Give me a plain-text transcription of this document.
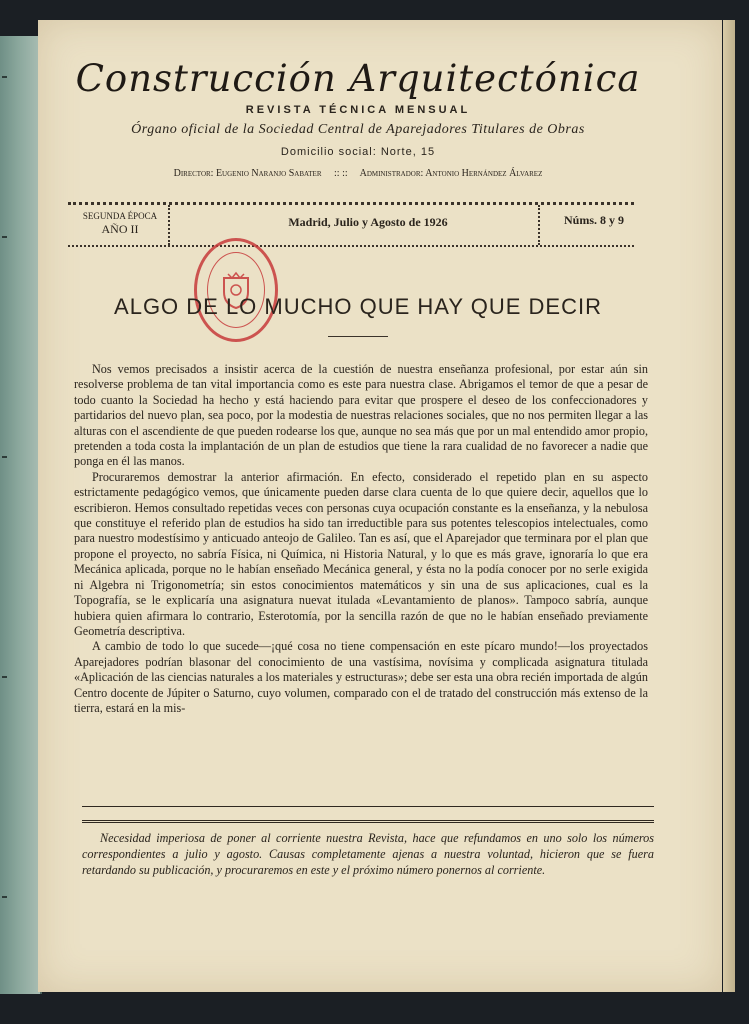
Construcción Arquitectónica
REVISTA TÉCNICA MENSUAL
Órgano oficial de la Sociedad Central de Aparejadores Titulares de Obras
Domicilio social: Norte, 15
Director: Eugenio Naranjo Sabater :: :: Administrador: Antonio Hernández Álvarez
SEGUNDA ÉPOCA
AÑO II	Madrid, Julio y Agosto de 1926	Núms. 8 y 9
ALGO DE LO MUCHO QUE HAY QUE DECIR

Nos vemos precisados a insistir acerca de la cuestión de nuestra enseñanza profesional, por estar aún sin resolverse problema de tan vital importancia como es este para nuestra clase. Abrigamos el temor de que a pesar de todo cuanto la Sociedad ha hecho y está haciendo para evitar que prospere el deseo de los confeccionadores y partidarios del nuevo plan, sea poco, por la modestia de nuestras relaciones sociales, que no nos permiten llegar a las alturas con el ascendiente de que pueden rodearse los que, aunque no sea más que por un mal entendido amor propio, pretenden a toda costa la implantación de un plan de estudios que tiene la rara cualidad de no favorecer a nadie que ponga en él las manos.

Procuraremos demostrar la anterior afirmación. En efecto, considerado el repetido plan en su aspecto estrictamente pedagógico vemos, que únicamente pueden darse clara cuenta de lo que quiere decir, aquellos que lo escribieron. Hemos consultado repetidas veces con personas cuya ocupación constante es la enseñanza, y la nebulosa que constituye el referido plan de estudios ha sido tan irreductible para sus potentes telescopios intelectuales, como para nuestro modestísimo y anticuado anteojo de Galileo. Tan es así, que el Aparejador que terminara por el plan que propone el proyecto, no sabría Física, ni Química, ni Historia Natural, y lo que es más grave, ignoraría lo que era Mecánica aplicada, porque no le habían enseñado Mecánica general, y ésta no la podía conocer por no serle exigida ni Algebra ni Trigonometría; sin estos conocimientos matemáticos y sin una de sus aplicaciones, cual es la Topografía, se le explicaría una asignatura nuevat itulada «Levantamiento de planos». Tampoco sabría, aunque hubiera quien afirmara lo contrario, Esterotomía, por la sencilla razón de que no le habían enseñado previamente Geometría descriptiva.

A cambio de todo lo que sucede—¡qué cosa no tiene compensación en este pícaro mundo!—los proyectados Aparejadores podrían blasonar del conocimiento de una vastísima, novísima y complicada asignatura titulada «Aplicación de las ciencias naturales a los materiales y estructuras»; debe ser esta una obra recién importada de algún Centro docente de Júpiter o Saturno, cuyo volumen, comparado con el de tratado del construcción más extenso de la tierra, estará en la mis-

Necesidad imperiosa de poner al corriente nuestra Revista, hace que refundamos en uno solo los números correspondientes a julio y agosto. Causas completamente ajenas a nuestra voluntad, hicieron que se fuera retardando su publicación, y procuraremos en este y el próximo número ponernos al corriente.
